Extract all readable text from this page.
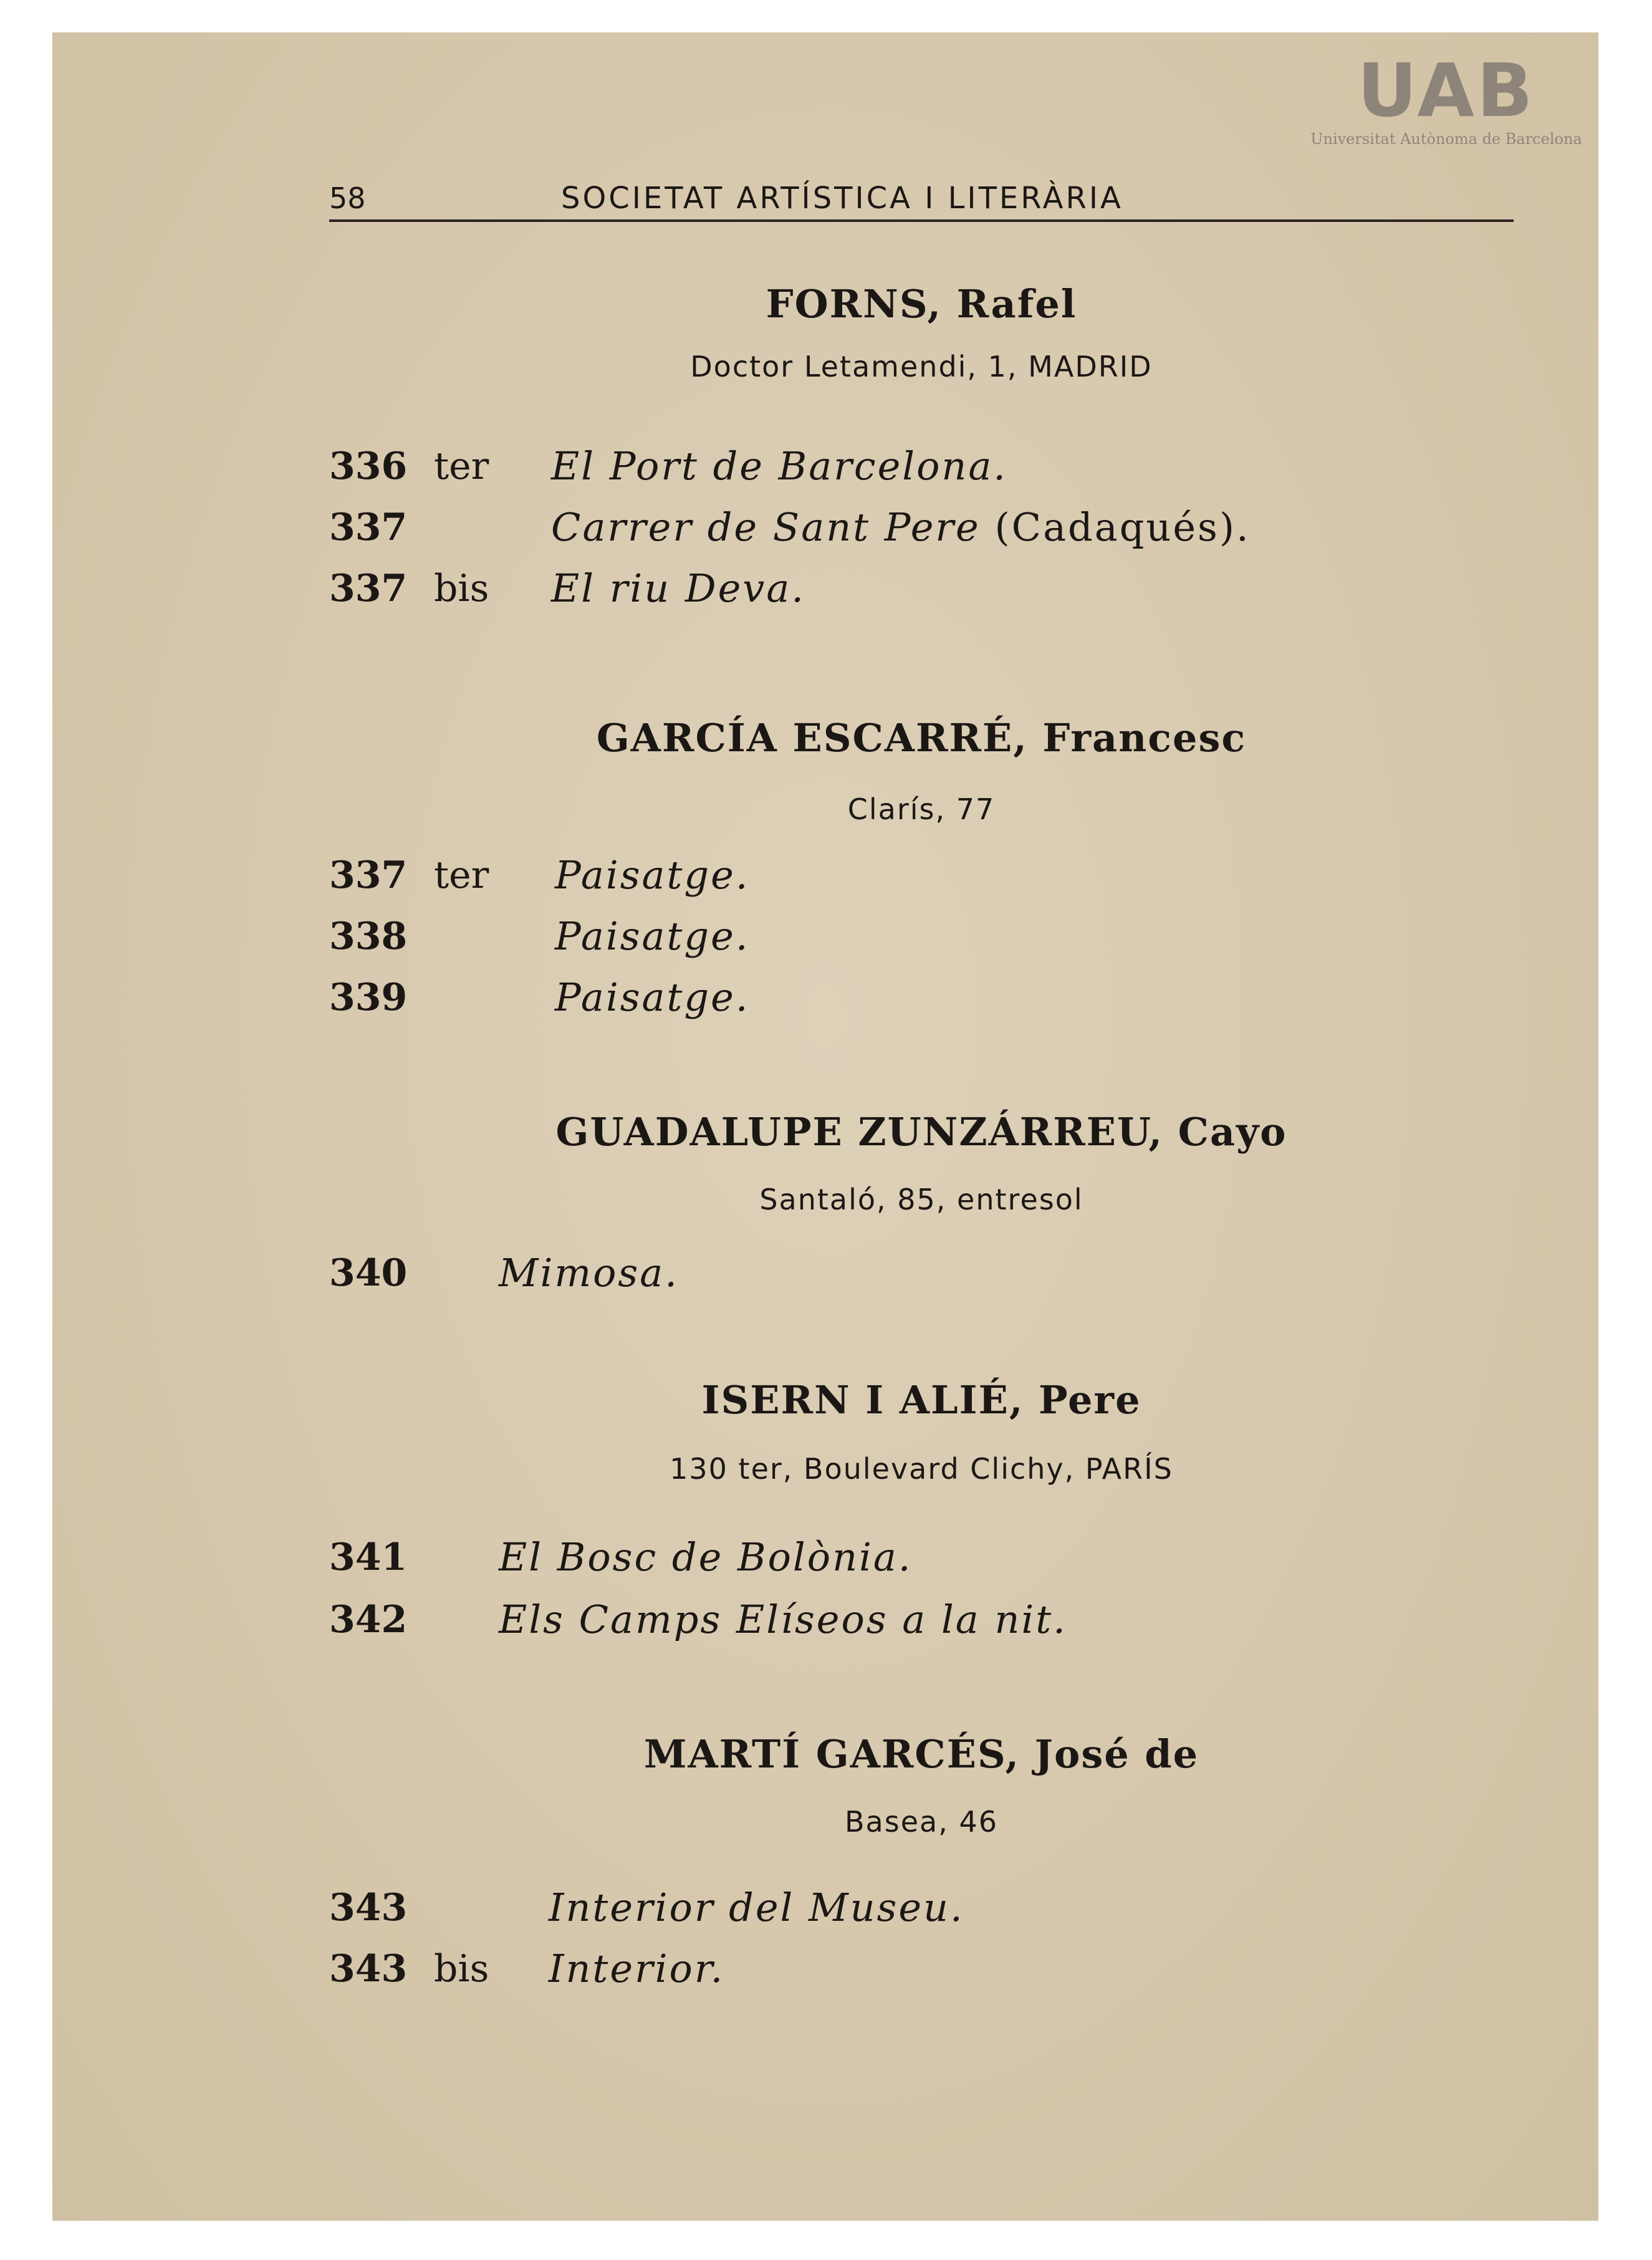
UAB
Universitat Autònoma de Barcelona
58	SOCIETAT ARTÍSTICA I LITERÀRIA
FORNS, Rafel
Doctor Letamendi, 1, MADRID
336 ter El Port de Barcelona.
337	Carrer de Sant Pere (Cadaqués).
337 bis El riu Deva.
GARCÍA ESCARRÉ, Francesc
Clarís, 77
337 ter Paisatge.
338	Paisatge.
339	Paisatge.
GUADALUPE ZUNZÁRREU, Cayo
Santaló, 85, entresol
340 Mimosa.
ISERN I ALIÉ, Pere
130 ter, Boulevard Clichy, PARÍS
341 El Bosc de Bolònia.
342 Els Camps Elíseos a la nit.
MARTÍ GARCÉS, José de
Basea, 46
343	Interior del Museu.
343 bis Interior.
